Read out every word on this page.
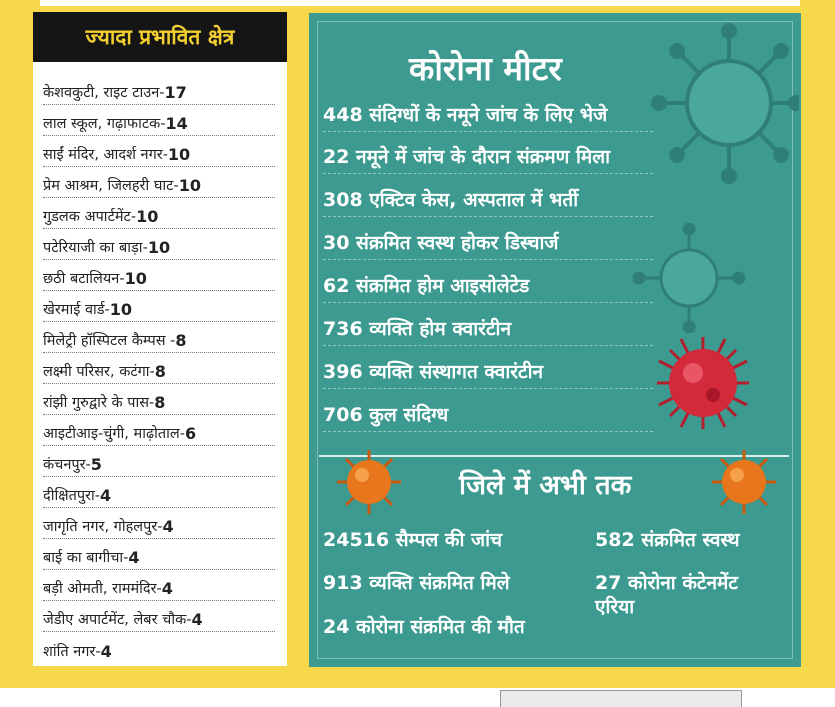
ज्यादा प्रभावित क्षेत्र
केशवकुटी, राइट टाउन- 17
लाल स्कूल, गढ़ाफाटक- 14
साईं मंदिर, आदर्श नगर- 10
प्रेम आश्रम, जिलहरी घाट- 10
गुडलक अपार्टमेंट- 10
पटेरियाजी का बाड़ा- 10
छठी बटालियन- 10
खेरमाई वार्ड- 10
मिलेट्री हॉस्पिटल कैम्पस - 8
लक्ष्मी परिसर, कटंगा- 8
रांझी गुरुद्वारे के पास- 8
आइटीआइ-चुंगी, माढ़ोताल- 6
कंचनपुर- 5
दीक्षितपुरा- 4
जागृति नगर, गोहलपुर- 4
बाई का बागीचा- 4
बड़ी ओमती, राममंदिर- 4
जेडीए अपार्टमेंट, लेबर चौक- 4
शांति नगर- 4
कोरोना मीटर
448 संदिग्धों के नमूने जांच के लिए भेजे
22 नमूने में जांच के दौरान संक्रमण मिला
308 एक्टिव केस, अस्पताल में भर्ती
30 संक्रमित स्वस्थ होकर डिस्चार्ज
62 संक्रमित होम आइसोलेटेड
736 व्यक्ति होम क्वारंटीन
396 व्यक्ति संस्थागत क्वारंटीन
706 कुल संदिग्ध
जिले में अभी तक
24516 सैम्पल की जांच
913 व्यक्ति संक्रमित मिले
24 कोरोना संक्रमित की मौत
582 संक्रमित स्वस्थ
27 कोरोना कंटेनमेंट एरिया
